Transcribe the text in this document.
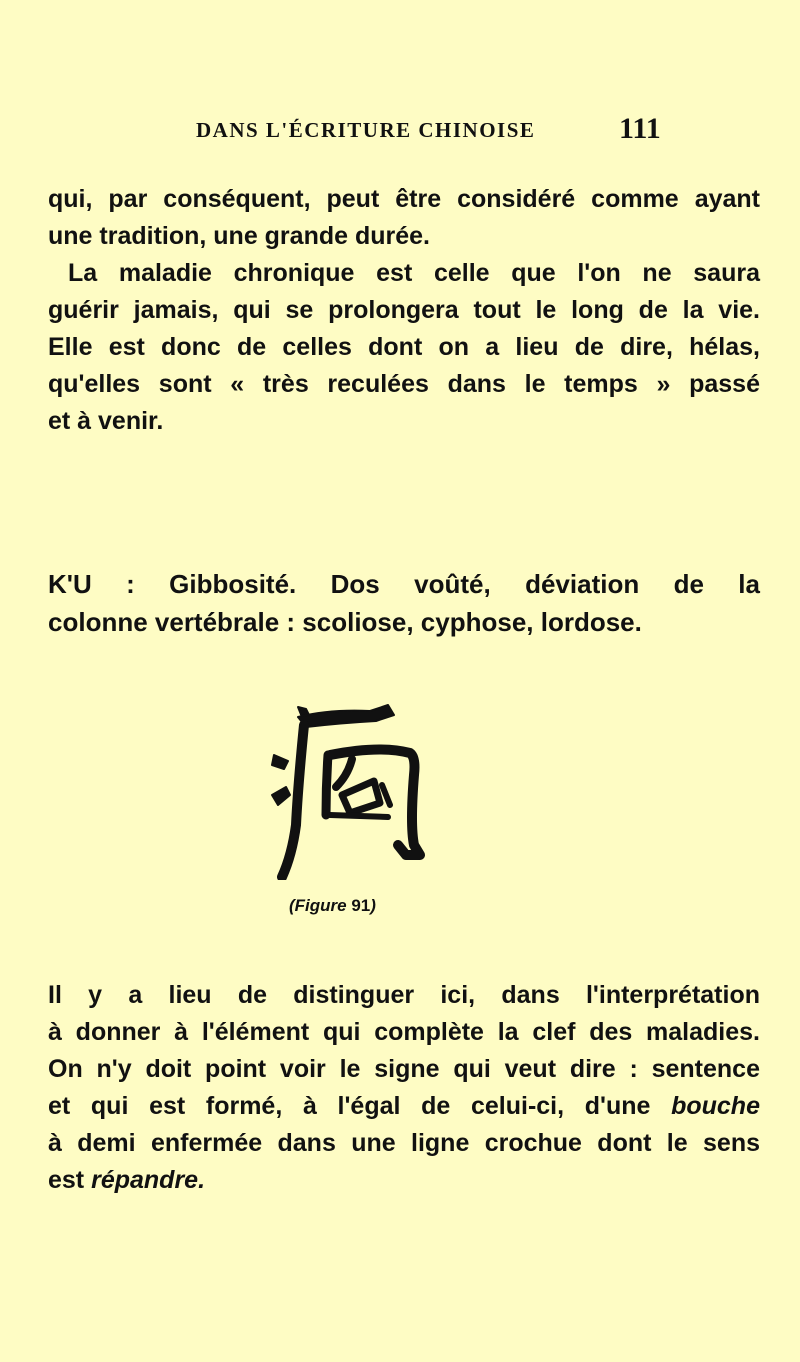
DANS L'ÉCRITURE CHINOISE	111
qui, par conséquent, peut être considéré comme ayant
une tradition, une grande durée.
La maladie chronique est celle que l'on ne saura
guérir jamais, qui se prolongera tout le long de la vie.
Elle est donc de celles dont on a lieu de dire, hélas,
qu'elles sont « très reculées dans le temps » passé
et à venir.
K'U : Gibbosité. Dos voûté, déviation de la
colonne vertébrale : scoliose, cyphose, lordose.
(Figure 91)
Il y a lieu de distinguer ici, dans l'interprétation
à donner à l'élément qui complète la clef des maladies.
On n'y doit point voir le signe qui veut dire : sentence
et qui est formé, à l'égal de celui-ci, d'une bouche
à demi enfermée dans une ligne crochue dont le sens
est répandre.
